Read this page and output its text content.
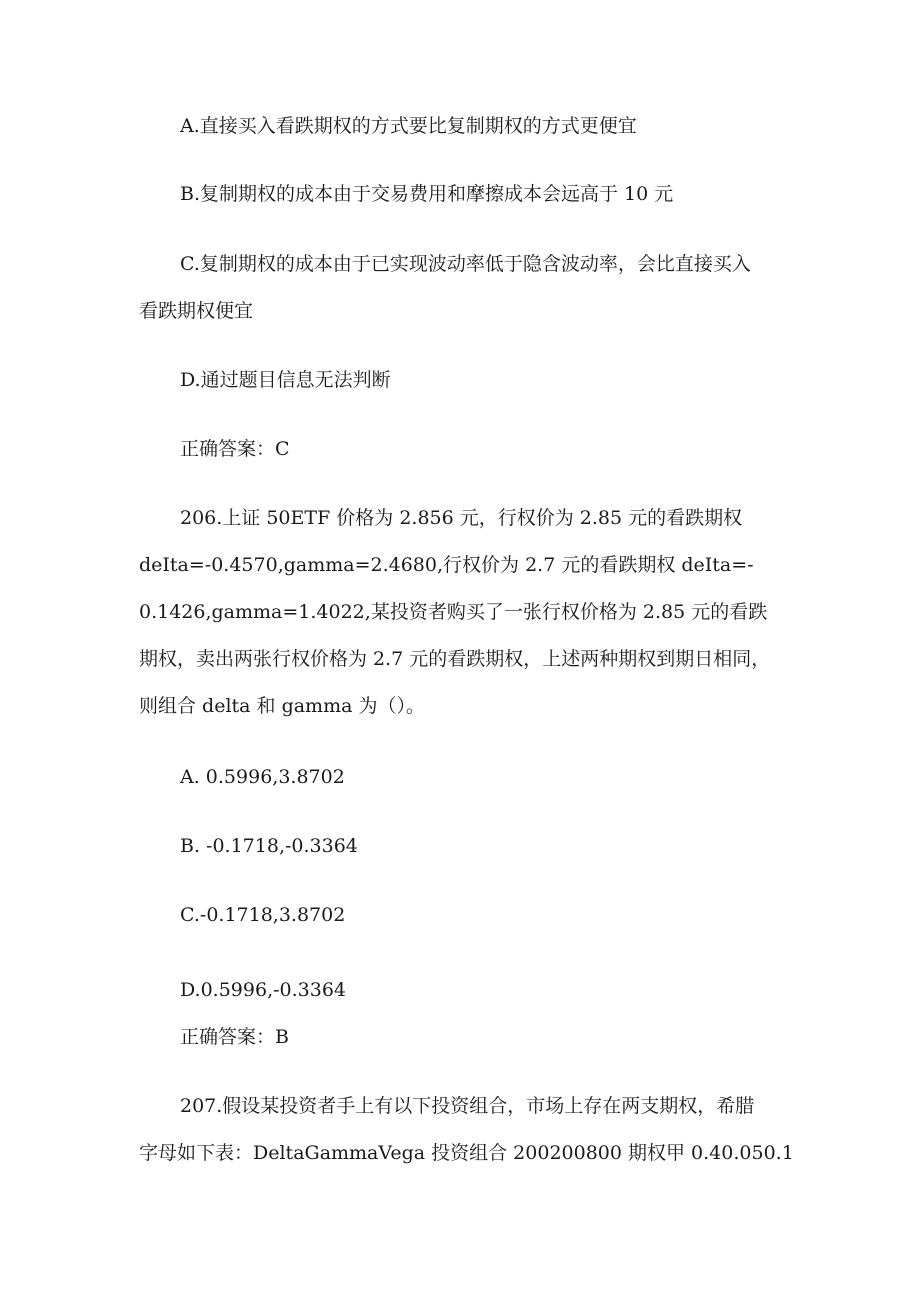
A.直接买入看跌期权的方式要比复制期权的方式更便宜
B.复制期权的成本由于交易费用和摩擦成本会远高于 10 元
C.复制期权的成本由于已实现波动率低于隐含波动率，会比直接买入
看跌期权便宜
D.通过题目信息无法判断
正确答案：C
206.上证 50ETF 价格为 2.856 元，行权价为 2.85 元的看跌期权
deIta=-0.4570,gamma=2.4680,行权价为 2.7 元的看跌期权 deIta=-
0.1426,gamma=1.4022,某投资者购买了一张行权价格为 2.85 元的看跌
期权，卖出两张行权价格为 2.7 元的看跌期权，上述两种期权到期日相同，
则组合 delta 和 gamma 为（）。
A. 0.5996,3.8702
B. -0.1718,-0.3364
C.-0.1718,3.8702
D.0.5996,-0.3364
正确答案：B
207.假设某投资者手上有以下投资组合，市场上存在两支期权，希腊
字母如下表：DeltaGammaVega 投资组合 200200800 期权甲 0.40.050.1
